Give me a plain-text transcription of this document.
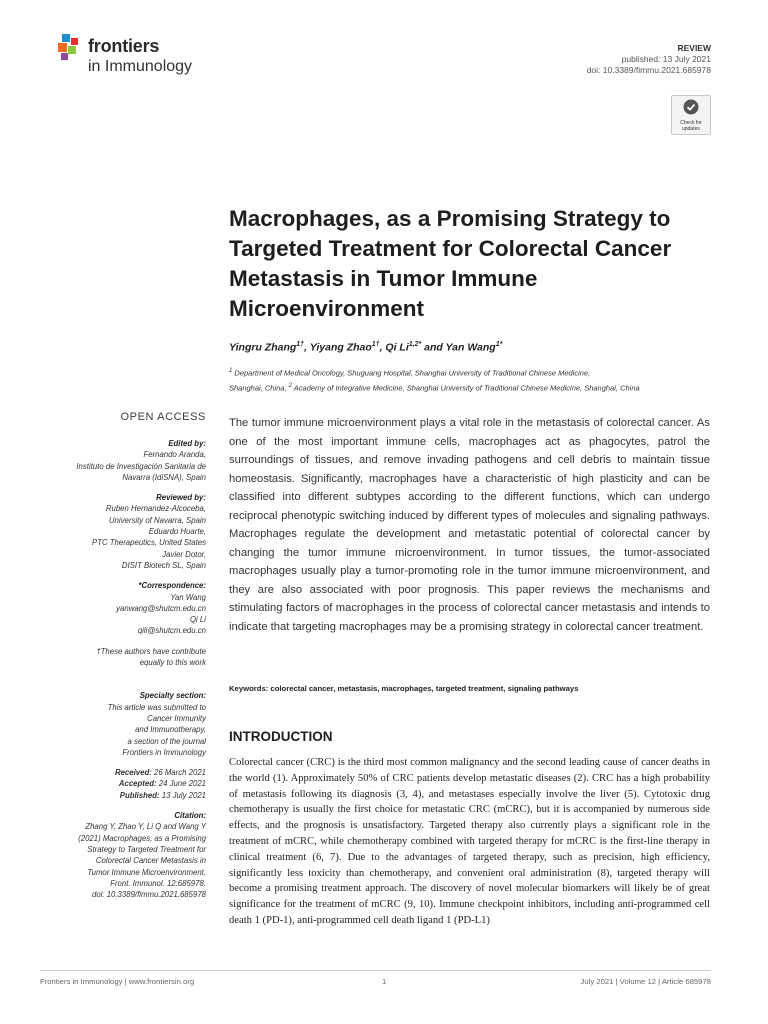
frontiers
in Immunology
REVIEW
published: 13 July 2021
doi: 10.3389/fimmu.2021.685978
Check for
updates
Macrophages, as a Promising Strategy to Targeted Treatment for Colorectal Cancer Metastasis in Tumor Immune Microenvironment
Yingru Zhang$^{1\dagger}$, Yiyang Zhao$^{1\dagger}$, Qi $Li^{1,2*}$ and Yan Wang$^{1*}$
$^1$ Department of Medical Oncology, Shuguang Hospital, Shanghai University of Traditional Chinese Medicine,
Shanghai, China, $^2$ Academy of Integrative Medicine, Shanghai University of Traditional Chinese Medicine, Shanghai, China
OPEN ACCESS
Edited by:
Fernando Aranda,
Instituto de Investigación Sanitaria de
Navarra (IdiSNA), Spain
Reviewed by:
Ruben Hernandez-Alcoceba,
University of Navarra, Spain
Eduardo Huarte,
PTC Therapeutics, United States
Javier Dotor,
DISIT Biotech SL, Spain
*Correspondence:
Yan Wang
yanwang@shutcm.edu.cn
Qi Li
qili@shutcm.edu.cn
†These authors have contribute
equally to this work
Specialty section:
This article was submitted to
Cancer Immunity
and Immunotherapy,
a section of the journal
Frontiers in Immunology
Received: 26 March 2021
Accepted: 24 June 2021
Published: 13 July 2021
Citation:
Zhang Y, Zhao Y, Li Q and Wang Y
(2021) Macrophages, as a Promising
Strategy to Targeted Treatment for
Colorectal Cancer Metastasis in
Tumor Immune Microenvironment.
Front. Immunol. 12:685978.
doi: 10.3389/fimmu.2021.685978

The tumor immune microenvironment plays a vital role in the metastasis of colorectal cancer. As one of the most important immune cells, macrophages act as phagocytes, patrol the surroundings of tissues, and remove invading pathogens and cell debris to maintain tissue homeostasis. Significantly, macrophages have a characteristic of high plasticity and can be classified into different subtypes according to the different functions, which can undergo reciprocal phenotypic switching induced by different types of molecules and signaling pathways. Macrophages regulate the development and metastatic potential of colorectal cancer by changing the tumor immune microenvironment. In tumor tissues, the tumor-associated macrophages usually play a tumor-promoting role in the tumor immune microenvironment, and they are also associated with poor prognosis. This paper reviews the mechanisms and stimulating factors of macrophages in the process of colorectal cancer metastasis and intends to indicate that targeting macrophages may be a promising strategy in colorectal cancer treatment.

Keywords: colorectal cancer, metastasis, macrophages, targeted treatment, signaling pathways
INTRODUCTION

Colorectal cancer (CRC) is the third most common malignancy and the second leading cause of cancer deaths in the world (1). Approximately 50% of CRC patients develop metastatic diseases (2). CRC has a high probability of metastasis following its diagnosis (3, 4), and metastases especially involve the liver (5). Cytotoxic drug chemotherapy is usually the first choice for metastatic CRC (mCRC), but it is accompanied by numerous side effects, and the prognosis is unsatisfactory. Targeted therapy also currently plays a significant role in the treatment of mCRC, while chemotherapy combined with targeted therapy for mCRC is the first-line therapy in clinical treatment (6, 7). Due to the advantages of targeted therapy, such as precision, high efficiency, significantly less toxicity than chemotherapy, and convenient oral administration (8), targeted therapy will become a promising treatment approach. The discovery of novel molecular biomarkers will likely be of great significance for the treatment of mCRC (9, 10). Immune checkpoint inhibitors, including anti-programmed cell death 1 (PD-1), anti-programmed cell death ligand 1 (PD-L1)

Frontiers in Immunology | www.frontiersin.org	1	July 2021 | Volume 12 | Article 685978
